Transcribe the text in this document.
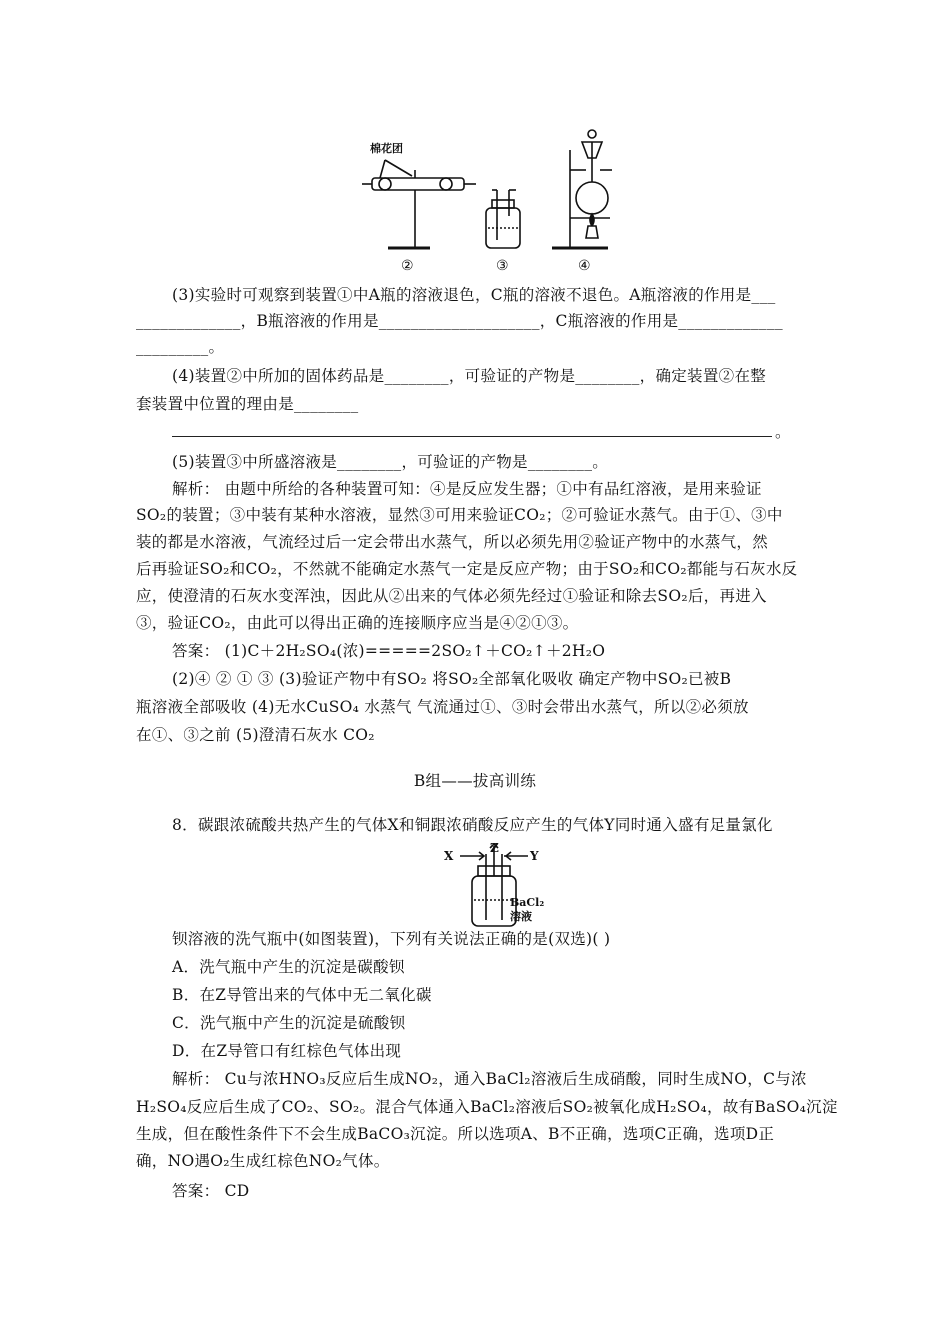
棉花团
②	③	④
(3)实验时可观察到装置①中A瓶的溶液退色，C瓶的溶液不退色。A瓶溶液的作用是___
_____________，B瓶溶液的作用是____________________，C瓶溶液的作用是_____________
_________。
(4)装置②中所加的固体药品是________，可验证的产物是________，确定装置②在整
套装置中位置的理由是________
。
(5)装置③中所盛溶液是________，可验证的产物是________。
解析： 由题中所给的各种装置可知：④是反应发生器；①中有品红溶液，是用来验证
SO₂的装置；③中装有某种水溶液，显然③可用来验证CO₂；②可验证水蒸气。由于①、③中
装的都是水溶液，气流经过后一定会带出水蒸气，所以必须先用②验证产物中的水蒸气，然
后再验证SO₂和CO₂，不然就不能确定水蒸气一定是反应产物；由于SO₂和CO₂都能与石灰水反
应，使澄清的石灰水变浑浊，因此从②出来的气体必须先经过①验证和除去SO₂后，再进入
③，验证CO₂，由此可以得出正确的连接顺序应当是④②①③。
答案： (1)C＋2H₂SO₄(浓)=====2SO₂↑＋CO₂↑＋2H₂O
(2)④ ② ① ③ (3)验证产物中有SO₂ 将SO₂全部氧化吸收 确定产物中SO₂已被B
瓶溶液全部吸收 (4)无水CuSO₄ 水蒸气 气流通过①、③时会带出水蒸气，所以②必须放
在①、③之前 (5)澄清石灰水 CO₂
B组——拔高训练
8．碳跟浓硫酸共热产生的气体X和铜跟浓硝酸反应产生的气体Y同时通入盛有足量氯化
X	Y
Z
BaCl₂
溶液
钡溶液的洗气瓶中(如图装置)，下列有关说法正确的是(双选)( )
A．洗气瓶中产生的沉淀是碳酸钡
B．在Z导管出来的气体中无二氧化碳
C．洗气瓶中产生的沉淀是硫酸钡
D．在Z导管口有红棕色气体出现
解析： Cu与浓HNO₃反应后生成NO₂，通入BaCl₂溶液后生成硝酸，同时生成NO，C与浓
H₂SO₄反应后生成了CO₂、SO₂。混合气体通入BaCl₂溶液后SO₂被氧化成H₂SO₄，故有BaSO₄沉淀
生成，但在酸性条件下不会生成BaCO₃沉淀。所以选项A、B不正确，选项C正确，选项D正
确，NO遇O₂生成红棕色NO₂气体。
答案： CD
